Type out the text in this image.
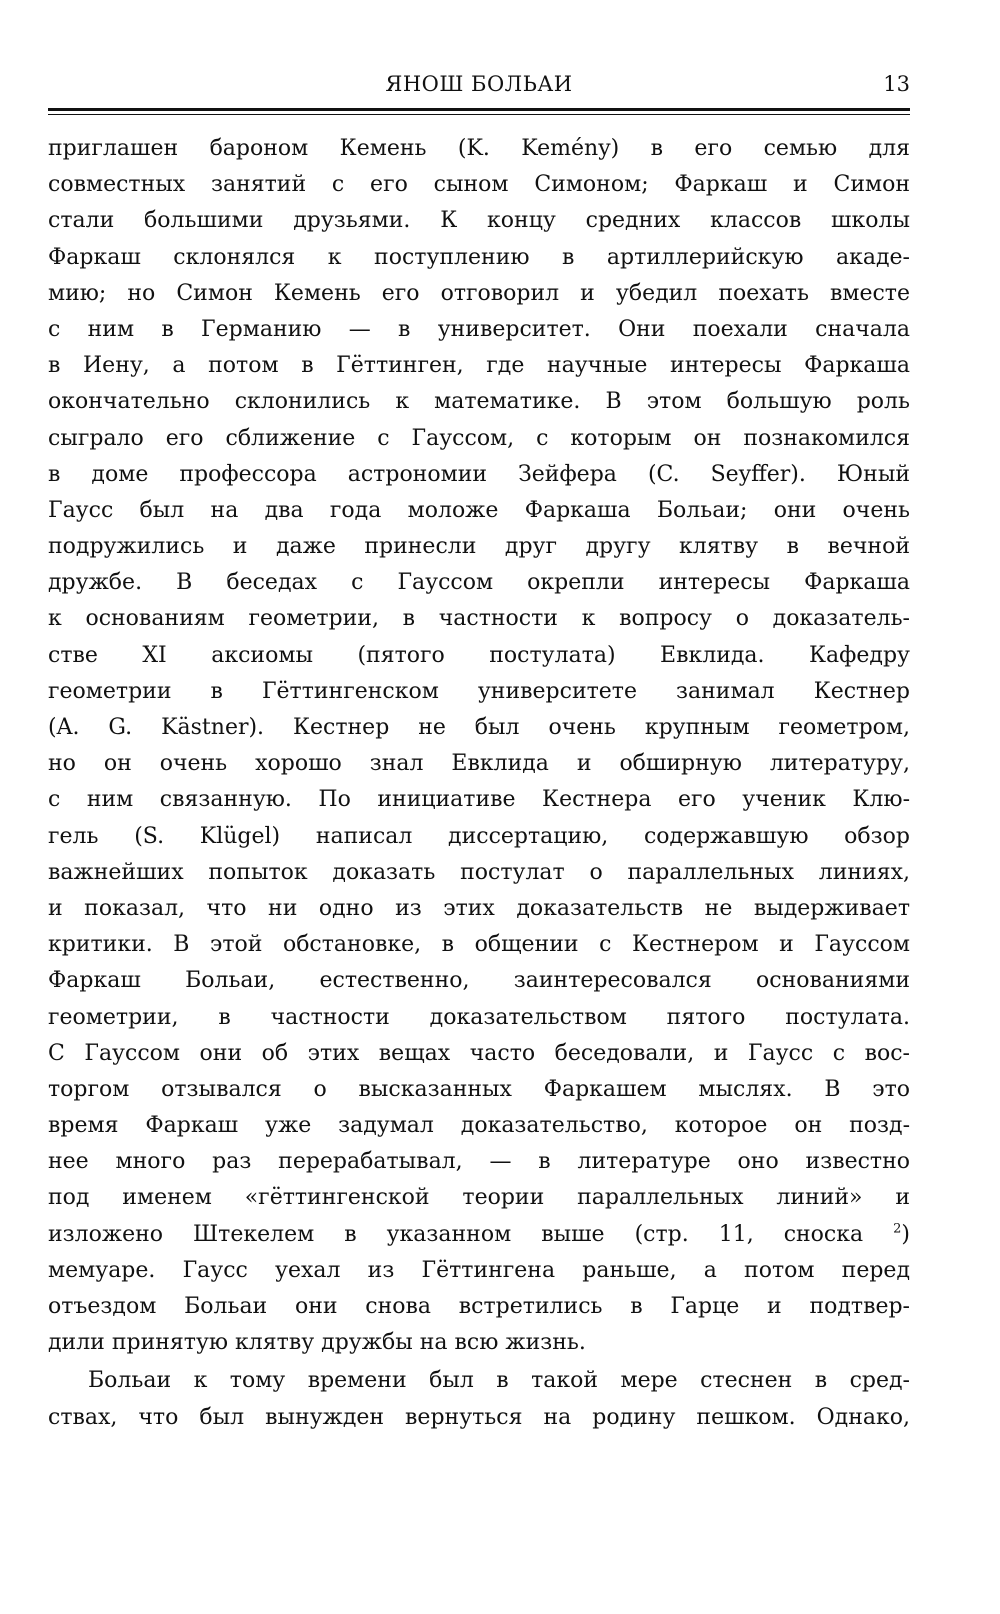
ЯНОШ БОЛЬАИ	13
приглашен бароном Кемень (K. Kemény) в его семью для
совместных занятий с его сыном Симоном; Фаркаш и Симон
стали большими друзьями. К концу средних классов школы
Фаркаш склонялся к поступлению в артиллерийскую акаде-
мию; но Симон Кемень его отговорил и убедил поехать вместе
с ним в Германию — в университет. Они поехали сначала
в Иену, а потом в Гёттинген, где научные интересы Фаркаша
окончательно склонились к математике. В этом большую роль
сыграло его сближение с Гауссом, с которым он познакомился
в доме профессора астрономии Зейфера (C. Seyffer). Юный
Гаусс был на два года моложе Фаркаша Больаи; они очень
подружились и даже принесли друг другу клятву в вечной
дружбе. В беседах с Гауссом окрепли интересы Фаркаша
к основаниям геометрии, в частности к вопросу о доказатель-
стве XI аксиомы (пятого постулата) Евклида. Кафедру
геометрии в Гёттингенском университете занимал Кестнер
(A. G. Kästner). Кестнер не был очень крупным геометром,
но он очень хорошо знал Евклида и обширную литературу,
с ним связанную. По инициативе Кестнера его ученик Клю-
гель (S. Klügel) написал диссертацию, содержавшую обзор
важнейших попыток доказать постулат о параллельных линиях,
и показал, что ни одно из этих доказательств не выдерживает
критики. В этой обстановке, в общении с Кестнером и Гауссом
Фаркаш Больаи, естественно, заинтересовался основаниями
геометрии, в частности доказательством пятого постулата.
С Гауссом они об этих вещах часто беседовали, и Гаусс с вос-
торгом отзывался о высказанных Фаркашем мыслях. В это
время Фаркаш уже задумал доказательство, которое он позд-
нее много раз перерабатывал, — в литературе оно известно
под именем «гёттингенской теории параллельных линий» и
изложено Штекелем в указанном выше (стр. 11, сноска $^2$)
мемуаре. Гаусс уехал из Гёттингена раньше, а потом перед
отъездом Больаи они снова встретились в Гарце и подтвер-
дили принятую клятву дружбы на всю жизнь.
Больаи к тому времени был в такой мере стеснен в сред-
ствах, что был вынужден вернуться на родину пешком. Однако,
